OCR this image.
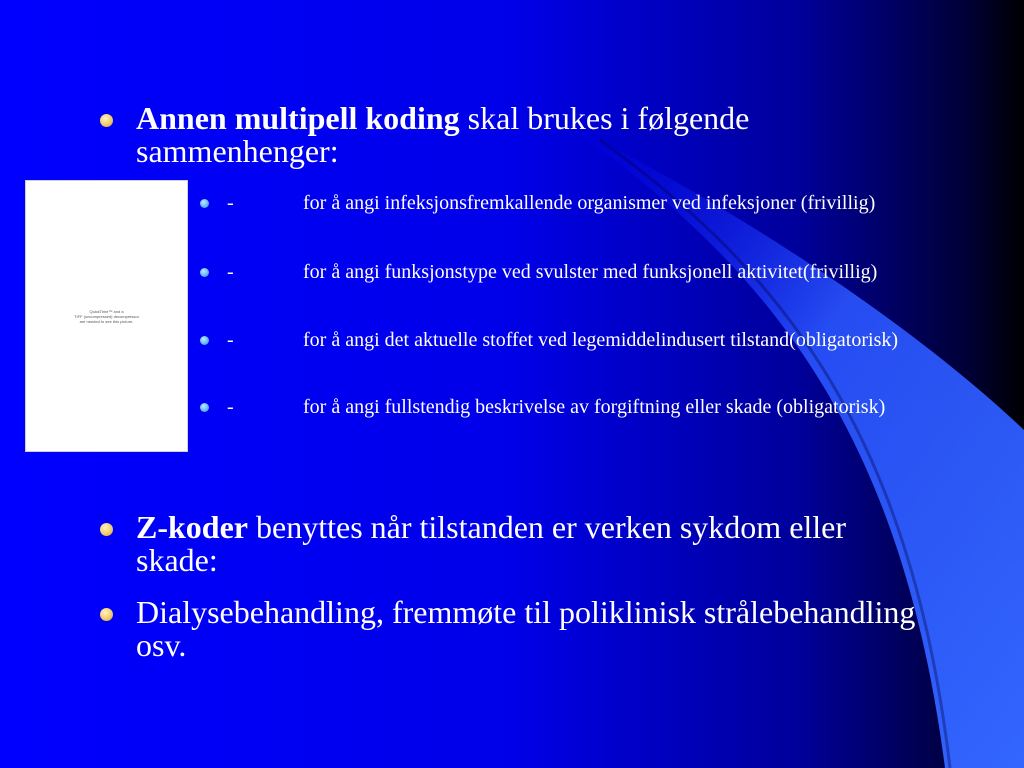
Annen multipell koding skal brukes i følgende sammenhenger:
QuickTime™ and a
TIFF (uncompressed) decompressor
are needed to see this picture.
-	for å angi infeksjonsfremkallende organismer ved infeksjoner (frivillig)
-	for å angi funksjonstype ved svulster med funksjonell aktivitet(frivillig)
-	for å angi det aktuelle stoffet ved legemiddelindusert tilstand(obligatorisk)
-	for å angi fullstendig beskrivelse av forgiftning eller skade (obligatorisk)
Z-koder benyttes når tilstanden er verken sykdom eller skade:
Dialysebehandling, fremmøte til poliklinisk strålebehandling osv.
